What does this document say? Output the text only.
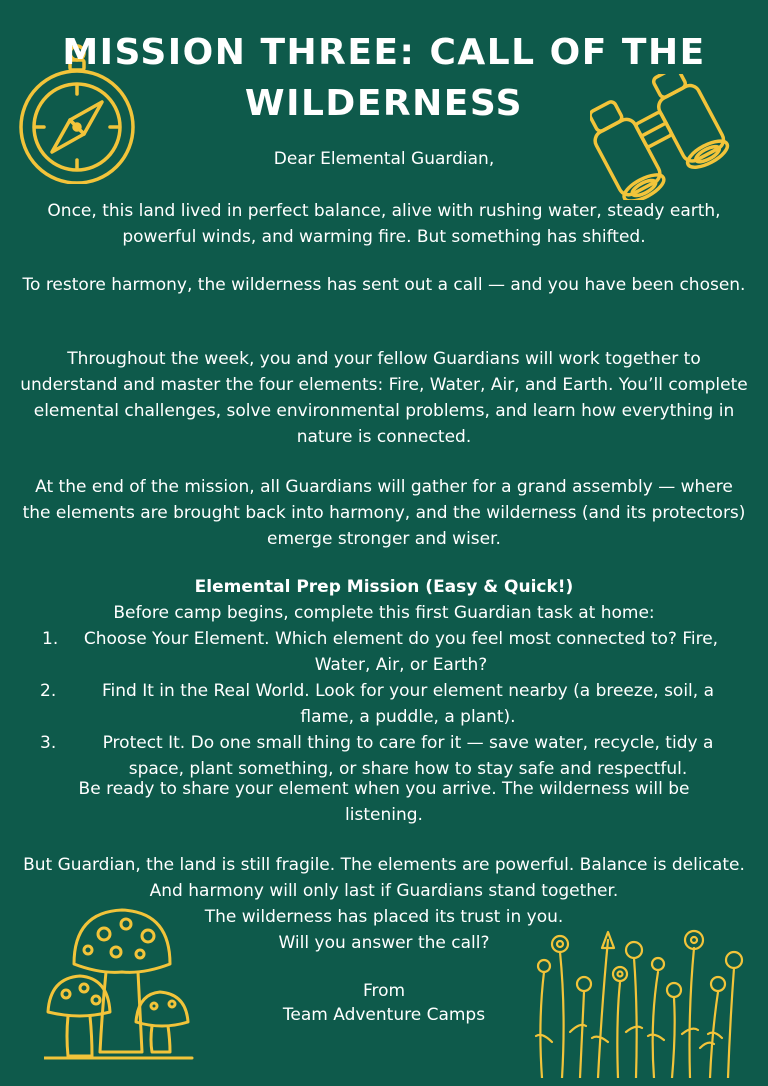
MISSION THREE: CALL OF THE
WILDERNESS
Dear Elemental Guardian,
Once, this land lived in perfect balance, alive with rushing water, steady earth, powerful winds, and warming fire. But something has shifted.
To restore harmony, the wilderness has sent out a call — and you have been chosen.
Throughout the week, you and your fellow Guardians will work together to understand and master the four elements: Fire, Water, Air, and Earth. You’ll complete elemental challenges, solve environmental problems, and learn how everything in nature is connected.
At the end of the mission, all Guardians will gather for a grand assembly — where the elements are brought back into harmony, and the wilderness (and its protectors) emerge stronger and wiser.
Elemental Prep Mission (Easy & Quick!)
Before camp begins, complete this first Guardian task at home:
1.	Choose Your Element. Which element do you feel most connected to? Fire, Water, Air, or Earth?
2.	Find It in the Real World. Look for your element nearby (a breeze, soil, a flame, a puddle, a plant).
3.	Protect It. Do one small thing to care for it — save water, recycle, tidy a space, plant something, or share how to stay safe and respectful.
Be ready to share your element when you arrive. The wilderness will be listening.
But Guardian, the land is still fragile. The elements are powerful. Balance is delicate. And harmony will only last if Guardians stand together.
The wilderness has placed its trust in you.
Will you answer the call?
From
Team Adventure Camps
